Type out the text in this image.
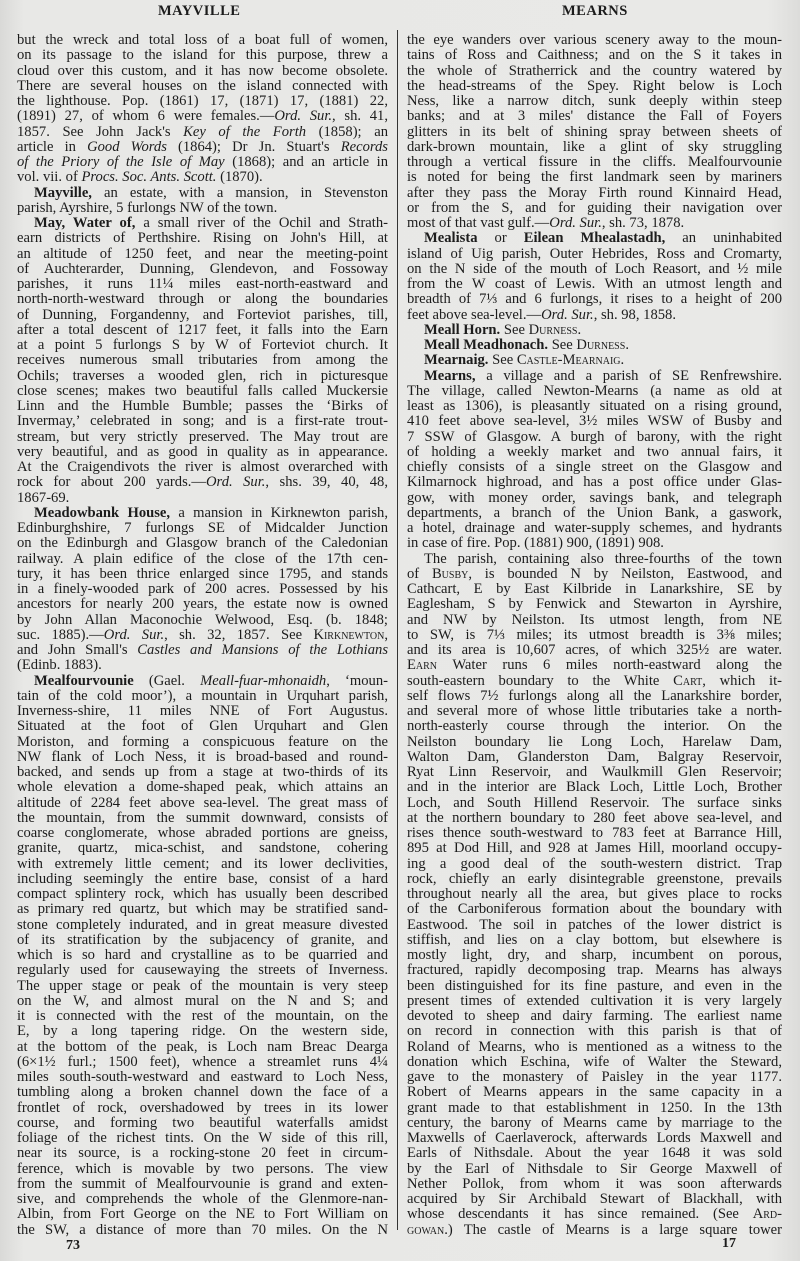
MAYVILLE	MEARNS
but the wreck and total loss of a boat full of women,
on its passage to the island for this purpose, threw a
cloud over this custom, and it has now become obsolete.
There are several houses on the island connected with
the lighthouse. Pop. (1861) 17, (1871) 17, (1881) 22,
(1891) 27, of whom 6 were females.—Ord. Sur., sh. 41,
1857. See John Jack's Key of the Forth (1858); an
article in Good Words (1864); Dr Jn. Stuart's Records
of the Priory of the Isle of May (1868); and an article in
vol. vii. of Procs. Soc. Ants. Scott. (1870).
Mayville, an estate, with a mansion, in Stevenston
parish, Ayrshire, 5 furlongs NW of the town.
May, Water of, a small river of the Ochil and Strath-
earn districts of Perthshire. Rising on John's Hill, at
an altitude of 1250 feet, and near the meeting-point
of Auchterarder, Dunning, Glendevon, and Fossoway
parishes, it runs 11¼ miles east-north-eastward and
north-north-westward through or along the boundaries
of Dunning, Forgandenny, and Forteviot parishes, till,
after a total descent of 1217 feet, it falls into the Earn
at a point 5 furlongs S by W of Forteviot church. It
receives numerous small tributaries from among the
Ochils; traverses a wooded glen, rich in picturesque
close scenes; makes two beautiful falls called Muckersie
Linn and the Humble Bumble; passes the ‘Birks of
Invermay,’ celebrated in song; and is a first-rate trout-
stream, but very strictly preserved. The May trout are
very beautiful, and as good in quality as in appearance.
At the Craigendivots the river is almost overarched with
rock for about 200 yards.—Ord. Sur., shs. 39, 40, 48,
1867-69.
Meadowbank House, a mansion in Kirknewton parish,
Edinburghshire, 7 furlongs SE of Midcalder Junction
on the Edinburgh and Glasgow branch of the Caledonian
railway. A plain edifice of the close of the 17th cen-
tury, it has been thrice enlarged since 1795, and stands
in a finely-wooded park of 200 acres. Possessed by his
ancestors for nearly 200 years, the estate now is owned
by John Allan Maconochie Welwood, Esq. (b. 1848;
suc. 1885).—Ord. Sur., sh. 32, 1857. See Kirknewton,
and John Small's Castles and Mansions of the Lothians
(Edinb. 1883).
Mealfourvounie (Gael. Meall-fuar-mhonaidh, ‘moun-
tain of the cold moor’), a mountain in Urquhart parish,
Inverness-shire, 11 miles NNE of Fort Augustus.
Situated at the foot of Glen Urquhart and Glen
Moriston, and forming a conspicuous feature on the
NW flank of Loch Ness, it is broad-based and round-
backed, and sends up from a stage at two-thirds of its
whole elevation a dome-shaped peak, which attains an
altitude of 2284 feet above sea-level. The great mass of
the mountain, from the summit downward, consists of
coarse conglomerate, whose abraded portions are gneiss,
granite, quartz, mica-schist, and sandstone, cohering
with extremely little cement; and its lower declivities,
including seemingly the entire base, consist of a hard
compact splintery rock, which has usually been described
as primary red quartz, but which may be stratified sand-
stone completely indurated, and in great measure divested
of its stratification by the subjacency of granite, and
which is so hard and crystalline as to be quarried and
regularly used for causewaying the streets of Inverness.
The upper stage or peak of the mountain is very steep
on the W, and almost mural on the N and S; and
it is connected with the rest of the mountain, on the
E, by a long tapering ridge. On the western side,
at the bottom of the peak, is Loch nam Breac Dearga
(6×1½ furl.; 1500 feet), whence a streamlet runs 4¼
miles south-south-westward and eastward to Loch Ness,
tumbling along a broken channel down the face of a
frontlet of rock, overshadowed by trees in its lower
course, and forming two beautiful waterfalls amidst
foliage of the richest tints. On the W side of this rill,
near its source, is a rocking-stone 20 feet in circum-
ference, which is movable by two persons. The view
from the summit of Mealfourvounie is grand and exten-
sive, and comprehends the whole of the Glenmore-nan-
Albin, from Fort George on the NE to Fort William on
the SW, a distance of more than 70 miles. On the N
the eye wanders over various scenery away to the moun-
tains of Ross and Caithness; and on the S it takes in
the whole of Stratherrick and the country watered by
the head-streams of the Spey. Right below is Loch
Ness, like a narrow ditch, sunk deeply within steep
banks; and at 3 miles' distance the Fall of Foyers
glitters in its belt of shining spray between sheets of
dark-brown mountain, like a glint of sky struggling
through a vertical fissure in the cliffs. Mealfourvounie
is noted for being the first landmark seen by mariners
after they pass the Moray Firth round Kinnaird Head,
or from the S, and for guiding their navigation over
most of that vast gulf.—Ord. Sur., sh. 73, 1878.
Mealista or Eilean Mhealastadh, an uninhabited
island of Uig parish, Outer Hebrides, Ross and Cromarty,
on the N side of the mouth of Loch Reasort, and ½ mile
from the W coast of Lewis. With an utmost length and
breadth of 7⅓ and 6 furlongs, it rises to a height of 200
feet above sea-level.—Ord. Sur., sh. 98, 1858.
Meall Horn. See Durness.
Meall Meadhonach. See Durness.
Mearnaig. See Castle-Mearnaig.
Mearns, a village and a parish of SE Renfrewshire.
The village, called Newton-Mearns (a name as old at
least as 1306), is pleasantly situated on a rising ground,
410 feet above sea-level, 3½ miles WSW of Busby and
7 SSW of Glasgow. A burgh of barony, with the right
of holding a weekly market and two annual fairs, it
chiefly consists of a single street on the Glasgow and
Kilmarnock highroad, and has a post office under Glas-
gow, with money order, savings bank, and telegraph
departments, a branch of the Union Bank, a gaswork,
a hotel, drainage and water-supply schemes, and hydrants
in case of fire. Pop. (1881) 900, (1891) 908.
The parish, containing also three-fourths of the town
of Busby, is bounded N by Neilston, Eastwood, and
Cathcart, E by East Kilbride in Lanarkshire, SE by
Eaglesham, S by Fenwick and Stewarton in Ayrshire,
and NW by Neilston. Its utmost length, from NE
to SW, is 7⅓ miles; its utmost breadth is 3⅜ miles;
and its area is 10,607 acres, of which 325½ are water.
Earn Water runs 6 miles north-eastward along the
south-eastern boundary to the White Cart, which it-
self flows 7½ furlongs along all the Lanarkshire border,
and several more of whose little tributaries take a north-
north-easterly course through the interior. On the
Neilston boundary lie Long Loch, Harelaw Dam,
Walton Dam, Glanderston Dam, Balgray Reservoir,
Ryat Linn Reservoir, and Waulkmill Glen Reservoir;
and in the interior are Black Loch, Little Loch, Brother
Loch, and South Hillend Reservoir. The surface sinks
at the northern boundary to 280 feet above sea-level, and
rises thence south-westward to 783 feet at Barrance Hill,
895 at Dod Hill, and 928 at James Hill, moorland occupy-
ing a good deal of the south-western district. Trap
rock, chiefly an early disintegrable greenstone, prevails
throughout nearly all the area, but gives place to rocks
of the Carboniferous formation about the boundary with
Eastwood. The soil in patches of the lower district is
stiffish, and lies on a clay bottom, but elsewhere is
mostly light, dry, and sharp, incumbent on porous,
fractured, rapidly decomposing trap. Mearns has always
been distinguished for its fine pasture, and even in the
present times of extended cultivation it is very largely
devoted to sheep and dairy farming. The earliest name
on record in connection with this parish is that of
Roland of Mearns, who is mentioned as a witness to the
donation which Eschina, wife of Walter the Steward,
gave to the monastery of Paisley in the year 1177.
Robert of Mearns appears in the same capacity in a
grant made to that establishment in 1250. In the 13th
century, the barony of Mearns came by marriage to the
Maxwells of Caerlaverock, afterwards Lords Maxwell and
Earls of Nithsdale. About the year 1648 it was sold
by the Earl of Nithsdale to Sir George Maxwell of
Nether Pollok, from whom it was soon afterwards
acquired by Sir Archibald Stewart of Blackhall, with
whose descendants it has since remained. (See Ard-
gowan.) The castle of Mearns is a large square tower
73	17
